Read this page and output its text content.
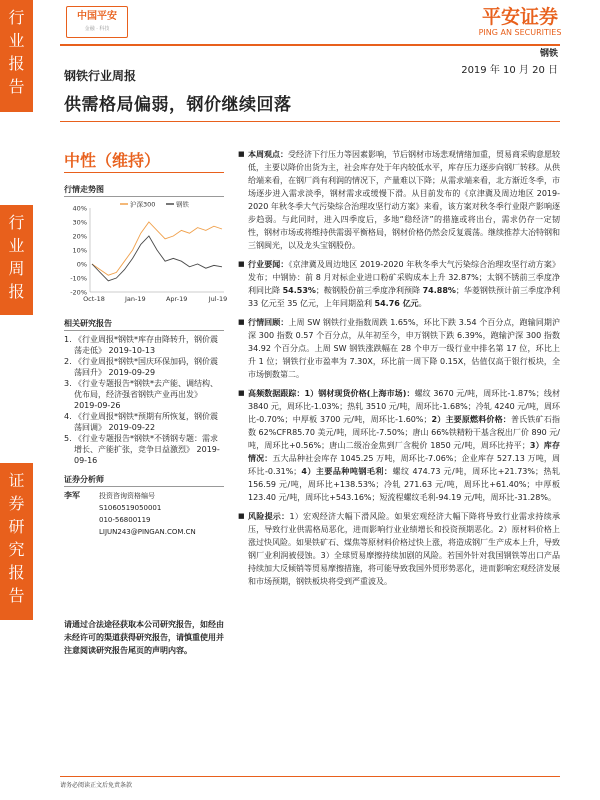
行
业
报
告
行
业
周
报
证
券
研
究
报
告
中国平安
金融 · 科技
平安证券
PING AN SECURITIES
钢铁
2019 年 10 月 20 日
钢铁行业周报
供需格局偏弱，钢价继续回落
中性（维持）
行情走势图
40%
30%
20%
10%
0%
-10%
-20%
Oct-18	Jan-19	Apr-19	Jul-19
沪深300	钢铁
相关研究报告
1. 《行业周报*钢铁*库存由降转升，钢价震荡走低》 2019-10-13
2. 《行业周报*钢铁*国庆环保加码，钢价震荡回升》 2019-09-29
3. 《行业专题报告*钢铁*去产能、调结构、优布局，经济强省钢铁产业再出发》 2019-09-26
4. 《行业周报*钢铁*预期有所恢复，钢价震荡回调》 2019-09-22
5. 《行业专题报告*钢铁*不锈钢专题：需求增长、产能扩张，竞争日益激烈》 2019-09-16
证券分析师
李军	投资咨询资格编号
S1060519050001
010-56800119
LIJUN243@PINGAN.COM.CN
请通过合法途径获取本公司研究报告，如经由未经许可的渠道获得研究报告，请慎重使用并注意阅读研究报告尾页的声明内容。
■ 本周观点：受经济下行压力等因素影响，节后钢材市场悲观情绪加重，贸易商采购意愿较低，主要以降价出货为主，社会库存处于年内较低水平，库存压力逐步向钢厂转移。从供给端来看，在钢厂尚有利润的情况下，产量难以下降；从需求端来看，北方渐近冬季，市场逐步进入需求淡季，钢材需求或缓慢下滑。从目前发布的《京津冀及周边地区 2019-2020 年秋冬季大气污染综合治理攻坚行动方案》来看，该方案对秋冬季行业限产影响逐步趋弱。与此同时，进入四季度后，多地“稳经济”的措施或将出台，需求仍存一定韧性，钢材市场或将维持供需弱平衡格局，钢材价格仍然会反复震荡。继续推荐大冶特钢和三钢闽光，以及龙头宝钢股份。
■ 行业要闻：《京津冀及周边地区 2019-2020 年秋冬季大气污染综合治理攻坚行动方案》发布；中钢协：前 8 月对标企业进口粉矿采购成本上升 32.87%；太钢不锈前三季度净利同比降 54.53%；鞍钢股份前三季度净利预降 74.88%；华菱钢铁预计前三季度净利 33 亿元至 35 亿元，上年同期盈利 54.76 亿元。
■ 行情回顾：上周 SW 钢铁行业指数周跌 1.65%，环比下跌 3.54 个百分点，跑输同期沪深 300 指数 0.57 个百分点，从年初至今，申万钢铁下跌 6.39%，跑输沪深 300 指数 34.92 个百分点。上周 SW 钢铁涨跌幅在 28 个申万一级行业中排名第 17 位，环比上升 1 位；钢铁行业市盈率为 7.30X，环比前一周下降 0.15X，估值仅高于银行板块，全市场倒数第二。
■ 高频数据跟踪：1）钢材现货价格(上海市场)：螺纹 3670 元/吨，周环比-1.87%；线材 3840 元，周环比-1.03%；热轧 3510 元/吨，周环比-1.68%；冷轧 4240 元/吨，周环比-0.70%；中厚板 3700 元/吨，周环比-1.60%；2）主要原燃料价格：普氏铁矿石指数 62%CFR85.70 美元/吨，周环比-7.50%；唐山 66%铁精粉干基含税出厂价 890 元/吨，周环比+0.56%；唐山二级冶金焦到厂含税价 1850 元/吨，周环比持平；3）库存情况：五大品种社会库存 1045.25 万吨，周环比-7.06%；企业库存 527.13 万吨，周环比-0.31%；4）主要品种吨钢毛利：螺纹 474.73 元/吨，周环比+21.73%；热轧 156.59 元/吨，周环比+138.53%；冷轧 271.63 元/吨，周环比+61.40%；中厚板 123.40 元/吨，周环比+543.16%；短流程螺纹毛利-94.19 元/吨，周环比-31.28%。
■ 风险提示：1）宏观经济大幅下滑风险。如果宏观经济大幅下降将导致行业需求持续承压，导致行业供需格局恶化，进而影响行业业绩增长和投资预期恶化。2）原材料价格上涨过快风险。如果铁矿石、煤焦等原材料价格过快上涨，将造成钢厂生产成本上升，导致钢厂业利润被侵蚀。3）全球贸易摩擦持续加剧的风险。若国外针对我国钢铁等出口产品持续加大反倾销等贸易摩擦措施，将可能导致我国外贸形势恶化，进而影响宏观经济发展和市场预期，钢铁板块将受到严重波及。
请务必阅读正文后免责条款
